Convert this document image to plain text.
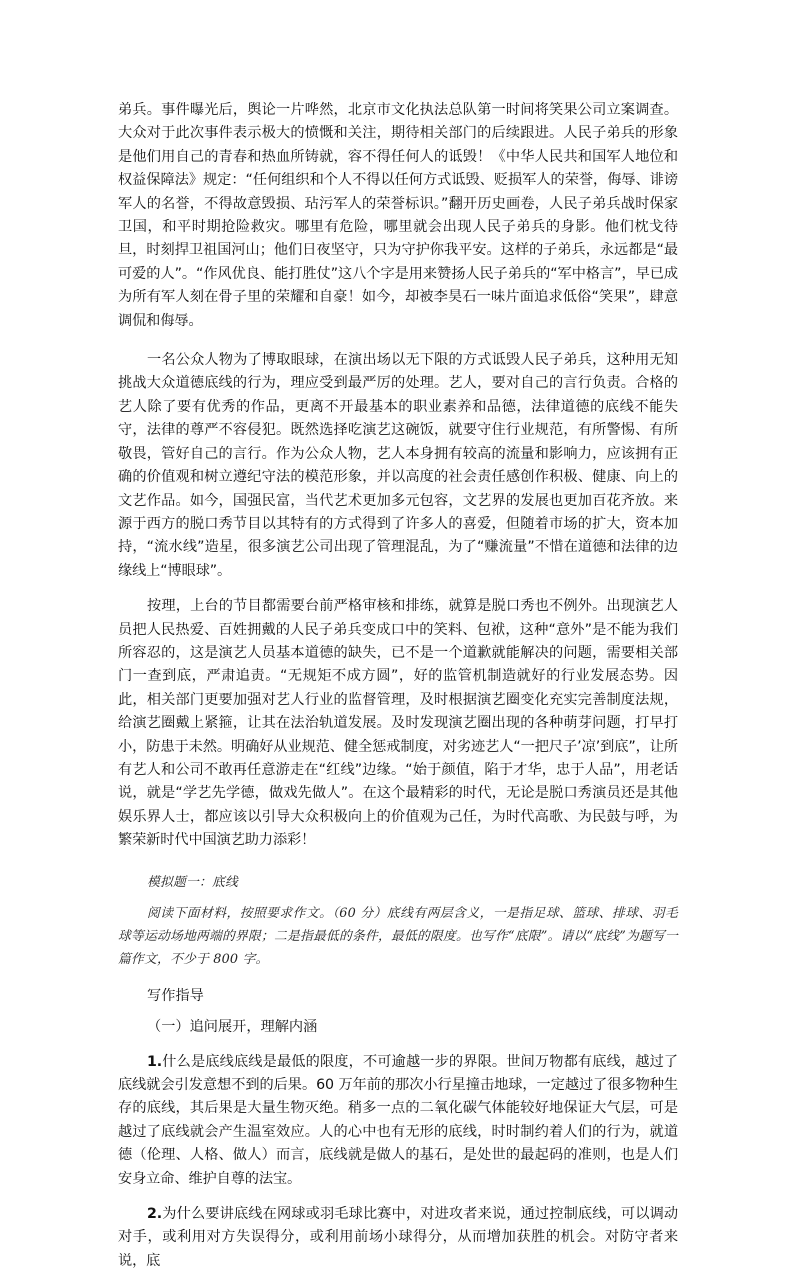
弟兵。事件曝光后，舆论一片哗然，北京市文化执法总队第一时间将笑果公司立案调查。大众对于此次事件表示极大的愤慨和关注，期待相关部门的后续跟进。人民子弟兵的形象是他们用自己的青春和热血所铸就，容不得任何人的诋毁！《中华人民共和国军人地位和权益保障法》规定：“任何组织和个人不得以任何方式诋毁、贬损军人的荣誉，侮辱、诽谤军人的名誉，不得故意毁损、玷污军人的荣誉标识。”翻开历史画卷，人民子弟兵战时保家卫国，和平时期抢险救灾。哪里有危险，哪里就会出现人民子弟兵的身影。他们枕戈待旦，时刻捍卫祖国河山；他们日夜坚守，只为守护你我平安。这样的子弟兵，永远都是“最可爱的人”。“作风优良、能打胜仗”这八个字是用来赞扬人民子弟兵的“军中格言”，早已成为所有军人刻在骨子里的荣耀和自豪！如今，却被李昊石一味片面追求低俗“笑果”，肆意调侃和侮辱。

一名公众人物为了博取眼球，在演出场以无下限的方式诋毁人民子弟兵，这种用无知挑战大众道德底线的行为，理应受到最严厉的处理。艺人，要对自己的言行负责。合格的艺人除了要有优秀的作品，更离不开最基本的职业素养和品德，法律道德的底线不能失守，法律的尊严不容侵犯。既然选择吃演艺这碗饭，就要守住行业规范，有所警惕、有所敬畏，管好自己的言行。作为公众人物，艺人本身拥有较高的流量和影响力，应该拥有正确的价值观和树立遵纪守法的模范形象，并以高度的社会责任感创作积极、健康、向上的文艺作品。如今，国强民富，当代艺术更加多元包容，文艺界的发展也更加百花齐放。来源于西方的脱口秀节目以其特有的方式得到了许多人的喜爱，但随着市场的扩大，资本加持，“流水线”造星，很多演艺公司出现了管理混乱，为了“赚流量”不惜在道德和法律的边缘线上“博眼球”。

按理，上台的节目都需要台前严格审核和排练，就算是脱口秀也不例外。出现演艺人员把人民热爱、百姓拥戴的人民子弟兵变成口中的笑料、包袱，这种“意外”是不能为我们所容忍的，这是演艺人员基本道德的缺失，已不是一个道歉就能解决的问题，需要相关部门一查到底，严肃追责。“无规矩不成方圆”，好的监管机制造就好的行业发展态势。因此，相关部门更要加强对艺人行业的监督管理，及时根据演艺圈变化充实完善制度法规，给演艺圈戴上紧箍，让其在法治轨道发展。及时发现演艺圈出现的各种萌芽问题，打早打小，防患于未然。明确好从业规范、健全惩戒制度，对劣迹艺人“一把尺子’凉’到底”，让所有艺人和公司不敢再任意游走在“红线”边缘。“始于颜值，陷于才华，忠于人品”，用老话说，就是“学艺先学德，做戏先做人”。在这个最精彩的时代，无论是脱口秀演员还是其他娱乐界人士，都应该以引导大众积极向上的价值观为己任，为时代高歌、为民鼓与呼，为繁荣新时代中国演艺助力添彩！

模拟题一：底线

阅读下面材料，按照要求作文。（60 分）底线有两层含义，一是指足球、篮球、排球、羽毛球等运动场地两端的界限；二是指最低的条件，最低的限度。也写作“底限”。请以“底线”为题写一篇作文，不少于 800 字。

写作指导

（一）追问展开，理解内涵

1.什么是底线底线是最低的限度，不可逾越一步的界限。世间万物都有底线，越过了底线就会引发意想不到的后果。60 万年前的那次小行星撞击地球，一定越过了很多物种生存的底线，其后果是大量生物灭绝。稍多一点的二氧化碳气体能较好地保证大气层，可是越过了底线就会产生温室效应。人的心中也有无形的底线，时时制约着人们的行为，就道德（伦理、人格、做人）而言，底线就是做人的基石，是处世的最起码的准则，也是人们安身立命、维护自尊的法宝。

2.为什么要讲底线在网球或羽毛球比赛中，对进攻者来说，通过控制底线，可以调动对手，或利用对方失误得分，或利用前场小球得分，从而增加获胜的机会。对防守者来说，底
